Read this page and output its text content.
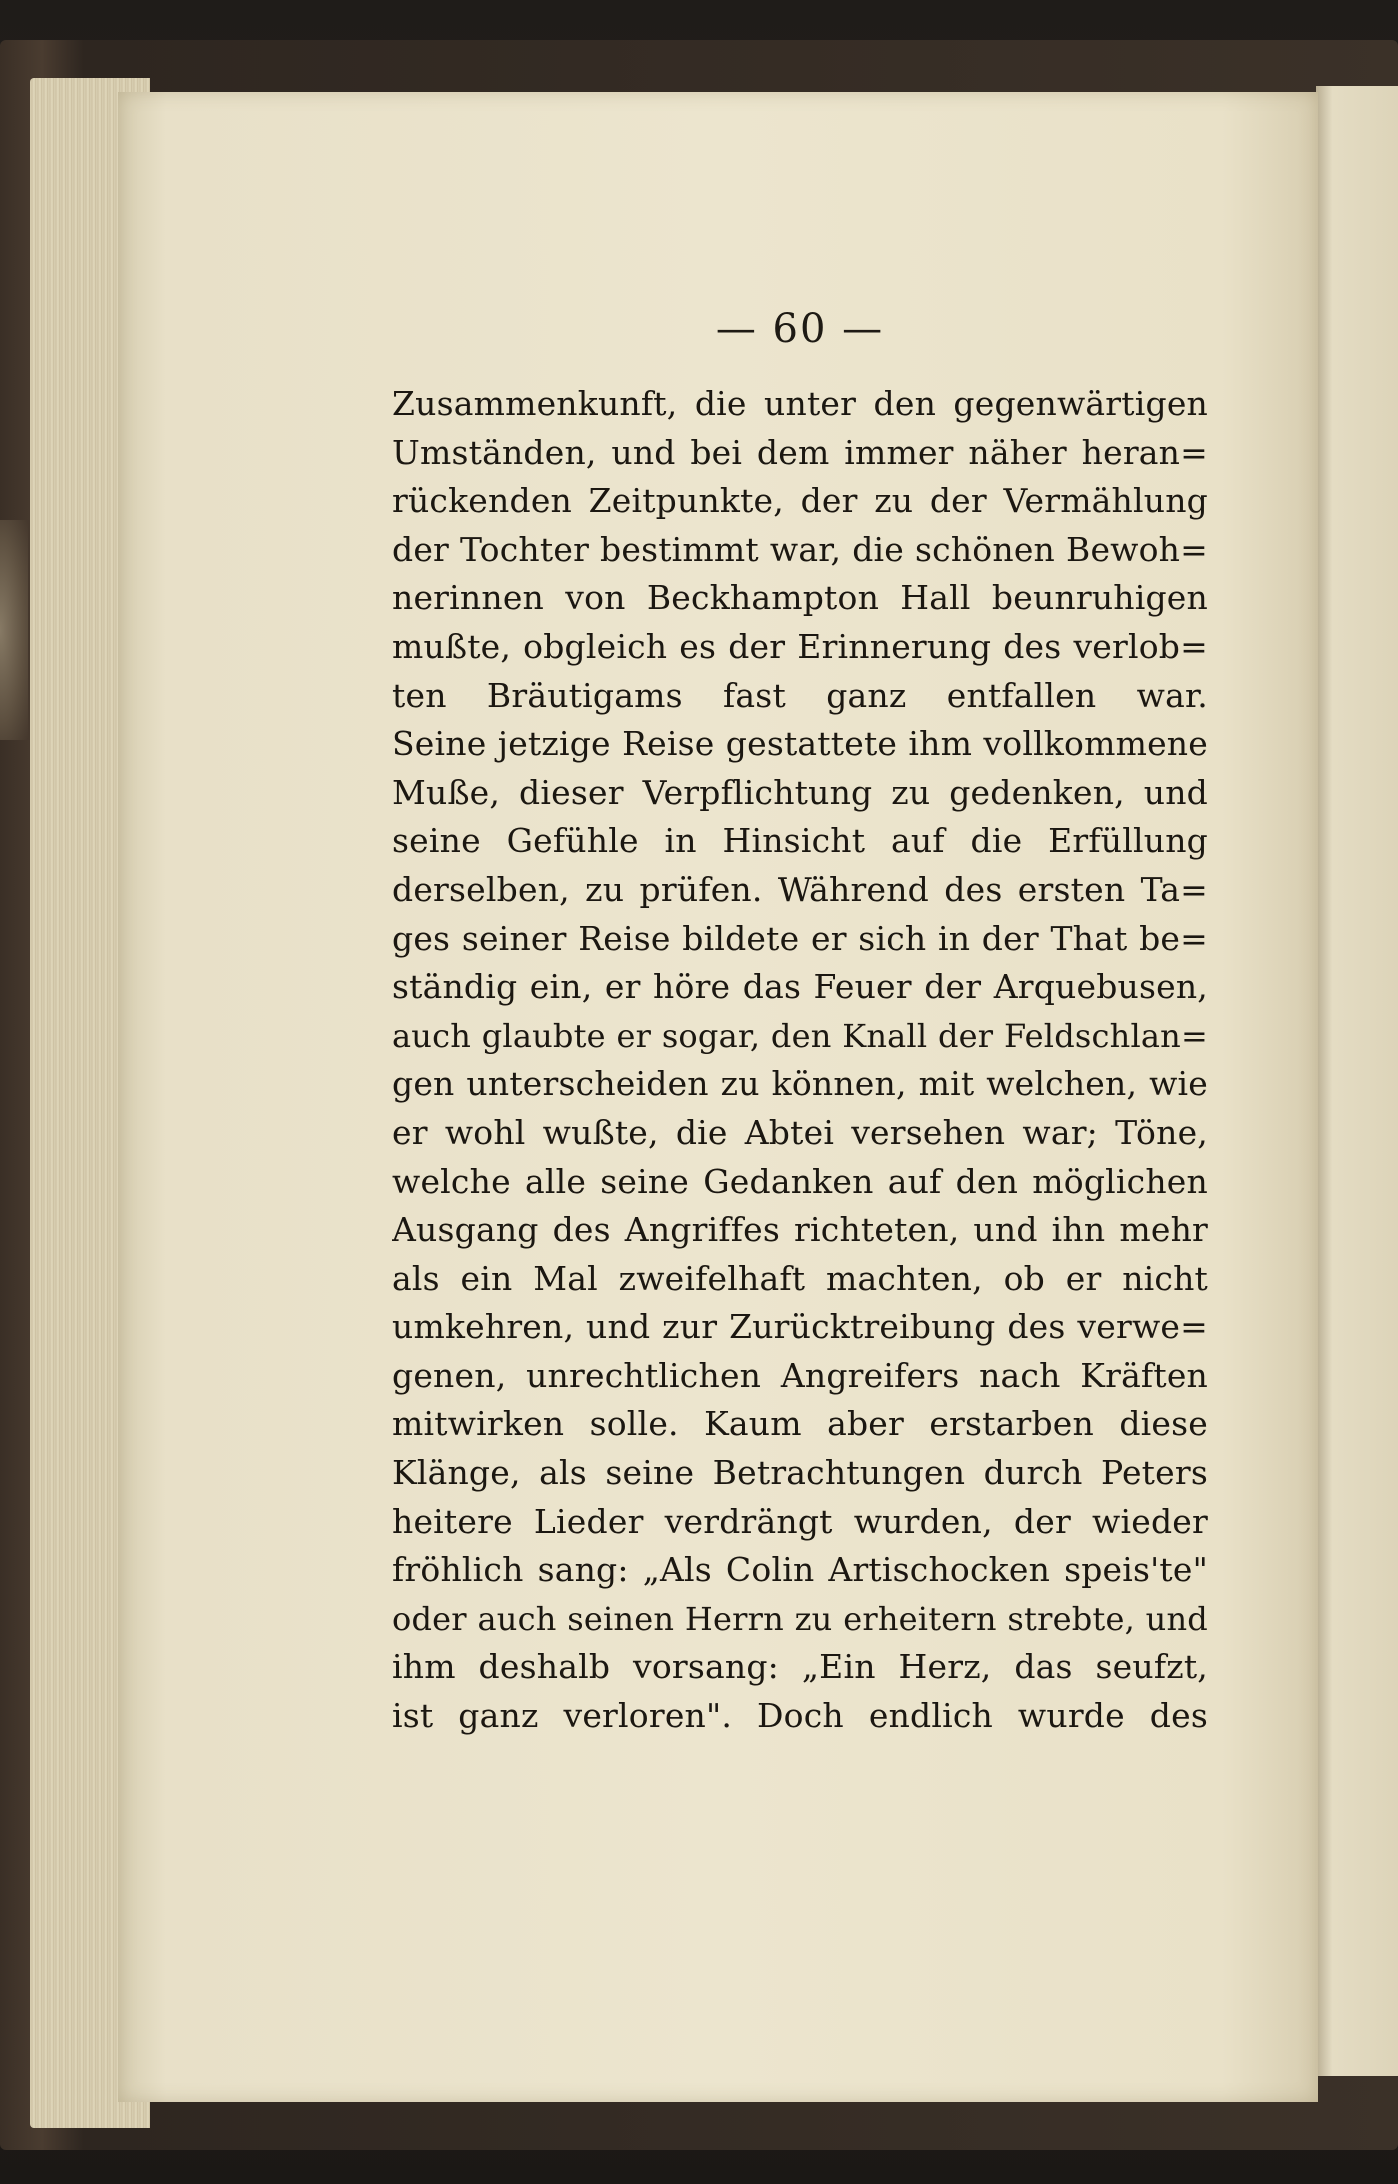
— 60 —
Zusammenkunft, die unter den gegenwärtigen
Umständen, und bei dem immer näher heran=
rückenden Zeitpunkte, der zu der Vermählung
der Tochter bestimmt war, die schönen Bewoh=
nerinnen von Beckhampton Hall beunruhigen
mußte, obgleich es der Erinnerung des verlob=
ten Bräutigams fast ganz entfallen war.
Seine jetzige Reise gestattete ihm vollkommene
Muße, dieser Verpflichtung zu gedenken, und
seine Gefühle in Hinsicht auf die Erfüllung
derselben, zu prüfen. Während des ersten Ta=
ges seiner Reise bildete er sich in der That be=
ständig ein, er höre das Feuer der Arquebusen,
auch glaubte er sogar, den Knall der Feldschlan=
gen unterscheiden zu können, mit welchen, wie
er wohl wußte, die Abtei versehen war; Töne,
welche alle seine Gedanken auf den möglichen
Ausgang des Angriffes richteten, und ihn mehr
als ein Mal zweifelhaft machten, ob er nicht
umkehren, und zur Zurücktreibung des verwe=
genen, unrechtlichen Angreifers nach Kräften
mitwirken solle. Kaum aber erstarben diese
Klänge, als seine Betrachtungen durch Peters
heitere Lieder verdrängt wurden, der wieder
fröhlich sang: „Als Colin Artischocken speis'te"
oder auch seinen Herrn zu erheitern strebte, und
ihm deshalb vorsang: „Ein Herz, das seufzt,
ist ganz verloren". Doch endlich wurde des
